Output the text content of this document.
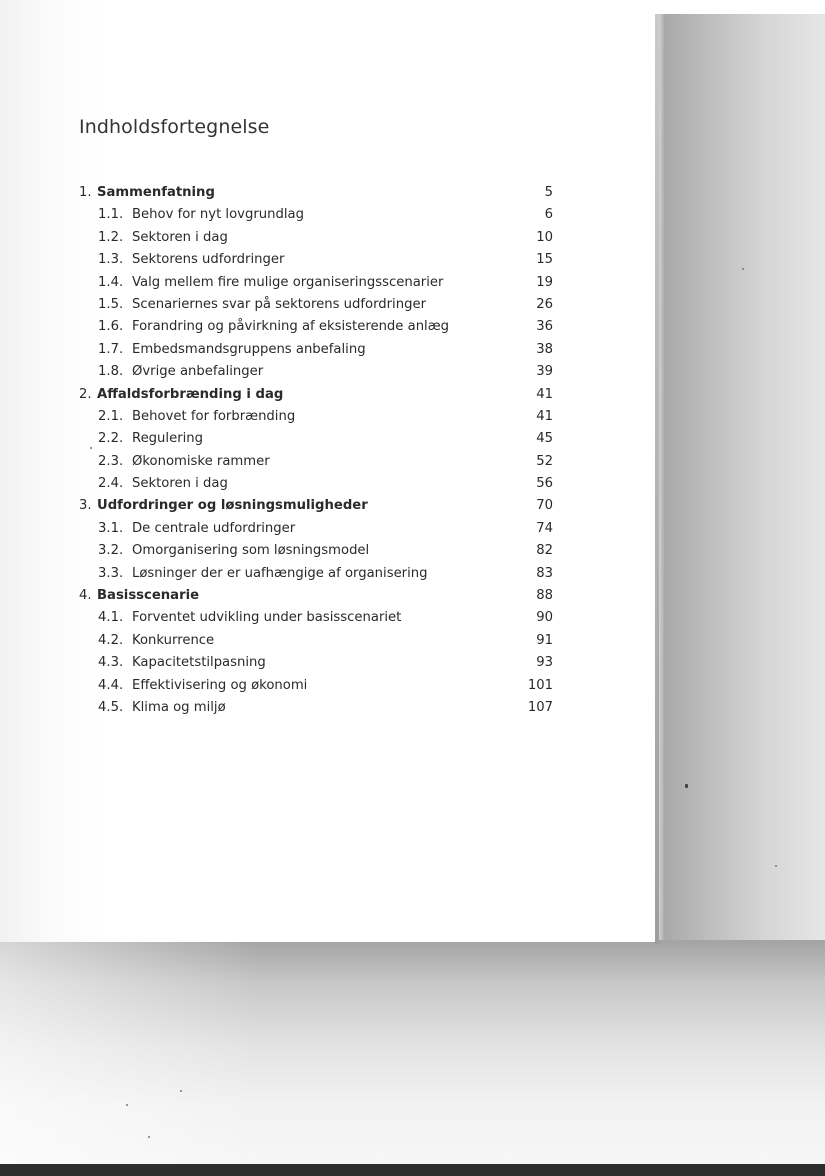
Indholdsfortegnelse
1. Sammenfatning	5
1.1. Behov for nyt lovgrundlag	6
1.2. Sektoren i dag	10
1.3. Sektorens udfordringer	15
1.4. Valg mellem fire mulige organiseringsscenarier	19
1.5. Scenariernes svar på sektorens udfordringer	26
1.6. Forandring og påvirkning af eksisterende anlæg	36
1.7. Embedsmandsgruppens anbefaling	38
1.8. Øvrige anbefalinger	39
2. Affaldsforbrænding i dag	41
2.1. Behovet for forbrænding	41
2.2. Regulering	45
2.3. Økonomiske rammer	52
2.4. Sektoren i dag	56
3. Udfordringer og løsningsmuligheder	70
3.1. De centrale udfordringer	74
3.2. Omorganisering som løsningsmodel	82
3.3. Løsninger der er uafhængige af organisering	83
4. Basisscenarie	88
4.1. Forventet udvikling under basisscenariet	90
4.2. Konkurrence	91
4.3. Kapacitetstilpasning	93
4.4. Effektivisering og økonomi	101
4.5. Klima og miljø	107
